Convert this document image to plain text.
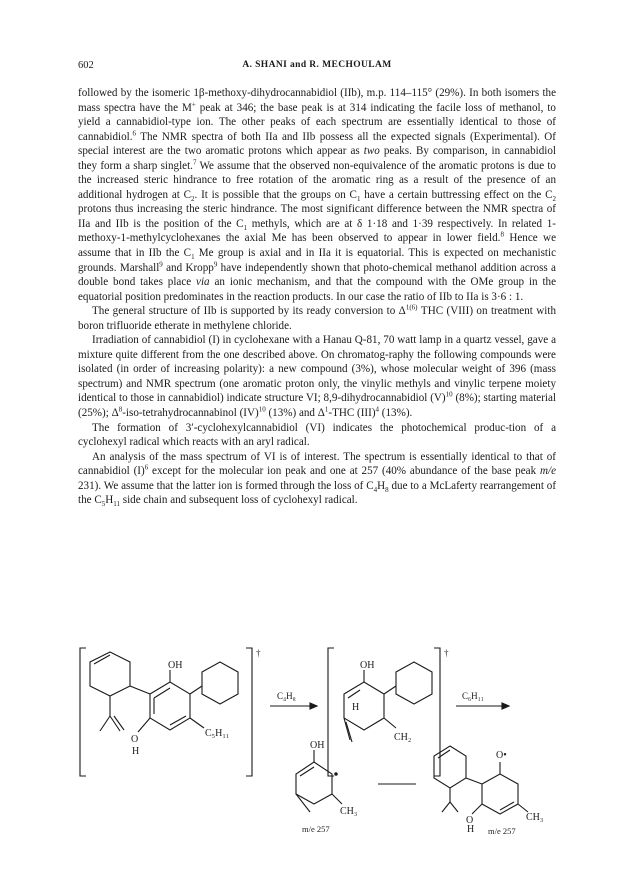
602	A. SHANI and R. MECHOULAM

followed by the isomeric 1β-methoxy-dihydrocannabidiol (IIb), m.p. 114–115° (29%). In both isomers the mass spectra have the M+ peak at 346; the base peak is at 314 indicating the facile loss of methanol, to yield a cannabidiol-type ion. The other peaks of each spectrum are essentially identical to those of cannabidiol.$^6$ The NMR spectra of both IIa and IIb possess all the expected signals (Experimental). Of special interest are the two aromatic protons which appear as two peaks. By comparison, in cannabidiol they form a sharp singlet.$^7$ We assume that the observed non-equivalence of the aromatic protons is due to the increased steric hindrance to free rotation of the aromatic ring as a result of the presence of an additional hydrogen at $C_2$. It is possible that the groups on $C_1$ have a certain buttressing effect on the $C_2$ protons thus increasing the steric hindrance. The most significant difference between the NMR spectra of IIa and IIb is the position of the $C_1$ methyls, which are at δ 1·18 and 1·39 respectively. In related 1-methoxy-1-methylcyclohexanes the axial Me has been observed to appear in lower field.$^8$ Hence we assume that in IIb the $C_1$ Me group is axial and in IIa it is equatorial. This is expected on mechanistic grounds. Marshall$^9$ and Kropp$^9$ have independently shown that photo-chemical methanol addition across a double bond takes place via an ionic mechanism, and that the compound with the OMe group in the equatorial position predominates in the reaction products. In our case the ratio of IIb to IIa is 3·6 : 1.

The general structure of IIb is supported by its ready conversion to $\Delta^{1(6)}$ THC (VIII) on treatment with boron trifluoride etherate in methylene chloride.

Irradiation of cannabidiol (I) in cyclohexane with a Hanau Q-81, 70 watt lamp in a quartz vessel, gave a mixture quite different from the one described above. On chromatog-raphy the following compounds were isolated (in order of increasing polarity): a new compound (3%), whose molecular weight of 396 (mass spectrum) and NMR spectrum (one aromatic proton only, the vinylic methyls and vinylic terpene moiety identical to those in cannabidiol) indicate structure VI; 8,9-dihydrocannabidiol $(V)^{10}$ (8%); starting material (25%); $\Delta^8-iso$-tetrahydrocannabinol (IV)$^{10}$ (13%) and $\Delta^1$-THC (III)$^4$ (13%).

The formation of 3′-cyclohexylcannabidiol (VI) indicates the photochemical produc-tion of a cyclohexyl radical which reacts with an aryl radical.

An analysis of the mass spectrum of VI is of interest. The spectrum is essentially identical to that of cannabidiol $(I)^6$ except for the molecular ion peak and one at 257 (40% abundance of the base peak m/e 231). We assume that the latter ion is formed through the loss of $C_4H_8$ due to a McLaferty rearrangement of the $C_5H_{11}$ side chain and subsequent loss of cyclohexyl radical.

OH
O
H
C₅H₁₁
†
C₄H₈
OH
H
CH₂
†
C₆H₁₁
OH
CH₃
m/e 257
O•
O
H
CH₃
m/e 257
